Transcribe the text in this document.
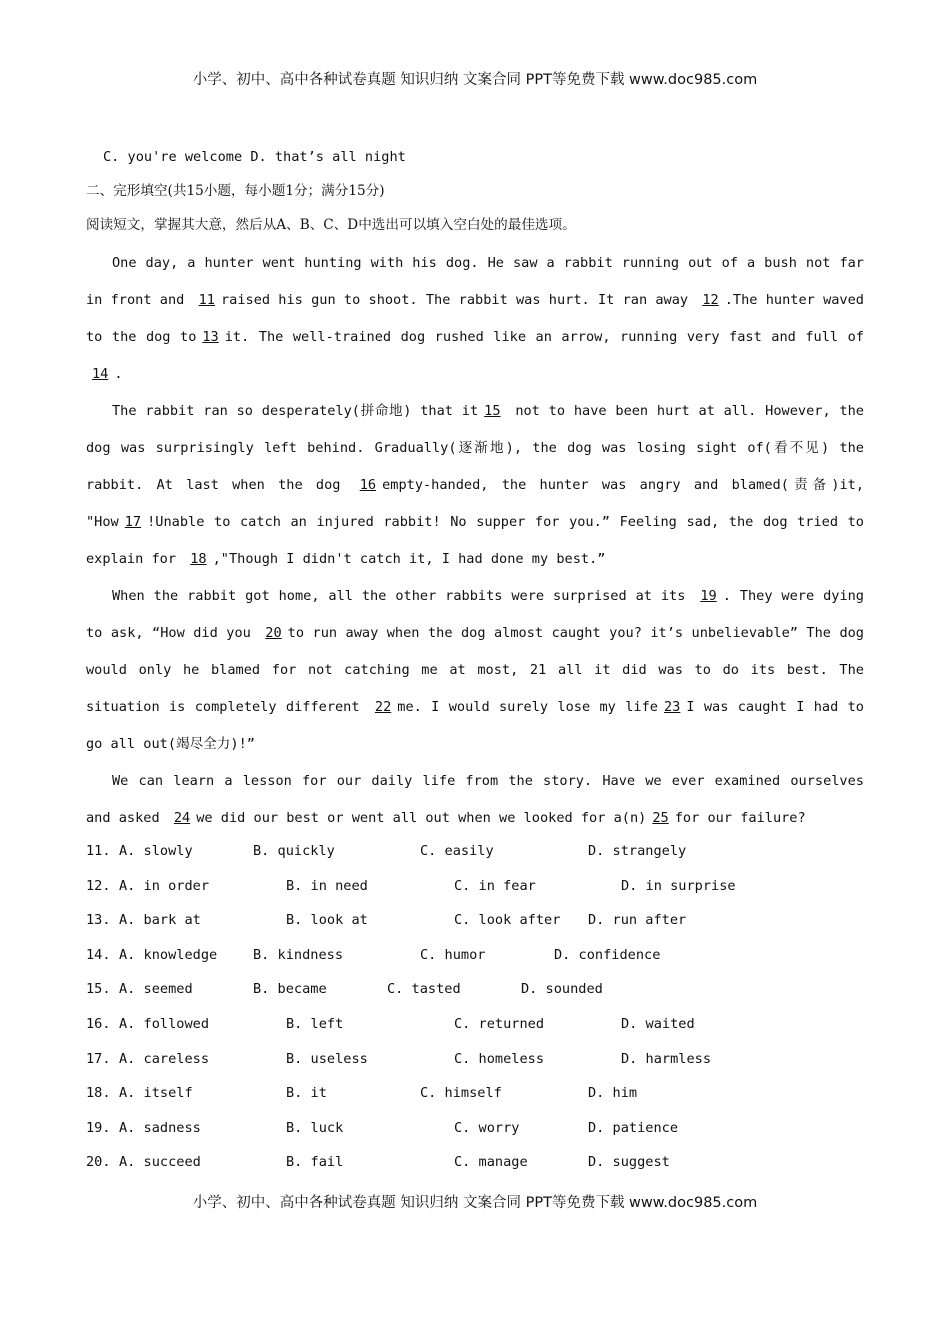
小学、初中、高中各种试卷真题 知识归纳 文案合同 PPT等免费下载 www.doc985.com
C. you're welcome D. that’s all night
二、完形填空(共15小题，每小题1分；满分15分)
阅读短文，掌握其大意，然后从A、B、C、D中选出可以填入空白处的最佳选项。

One day, a hunter went hunting with his dog. He saw a rabbit running out of a bush not far in front and 11 raised his gun to shoot. The rabbit was hurt. It ran away 12 .The hunter waved to the dog to 13 it. The well-trained dog rushed like an arrow, running very fast and full of 14 .

The rabbit ran so desperately(拼命地) that it 15 not to have been hurt at all. However, the dog was surprisingly left behind. Gradually(逐渐地), the dog was losing sight of(看不见) the rabbit. At last when the dog 16 empty-handed, the hunter was angry and blamed(责备)it, "How 17 !Unable to catch an injured rabbit! No supper for you.” Feeling sad, the dog tried to explain for 18 ,"Though I didn't catch it, I had done my best.”

When the rabbit got home, all the other rabbits were surprised at its 19 . They were dying to ask, “How did you 20 to run away when the dog almost caught you? it’s unbelievable” The dog would only he blamed for not catching me at most, 21 all it did was to do its best. The situation is completely different 22 me. I would surely lose my life 23 I was caught I had to go all out(竭尽全力)!”

We can learn a lesson for our daily life from the story. Have we ever examined ourselves and asked 24 we did our best or went all out when we looked for a(n) 25 for our failure?

11. A. slowly	B. quickly	C. easily	D. strangely
12. A. in order	B. in need	C. in fear	D. in surprise
13. A. bark at	B. look at	C. look after D. run after
14. A. knowledge	B. kindness	C. humor	D. confidence
15. A. seemed	B. became	C. tasted	D. sounded
16. A. followed	B. left	C. returned	D. waited
17. A. careless	B. useless	C. homeless	D. harmless
18. A. itself	B. it	C. himself	D. him
19. A. sadness	B. luck	C. worry	D. patience
20. A. succeed	B. fail	C. manage	D. suggest
小学、初中、高中各种试卷真题 知识归纳 文案合同 PPT等免费下载 www.doc985.com
